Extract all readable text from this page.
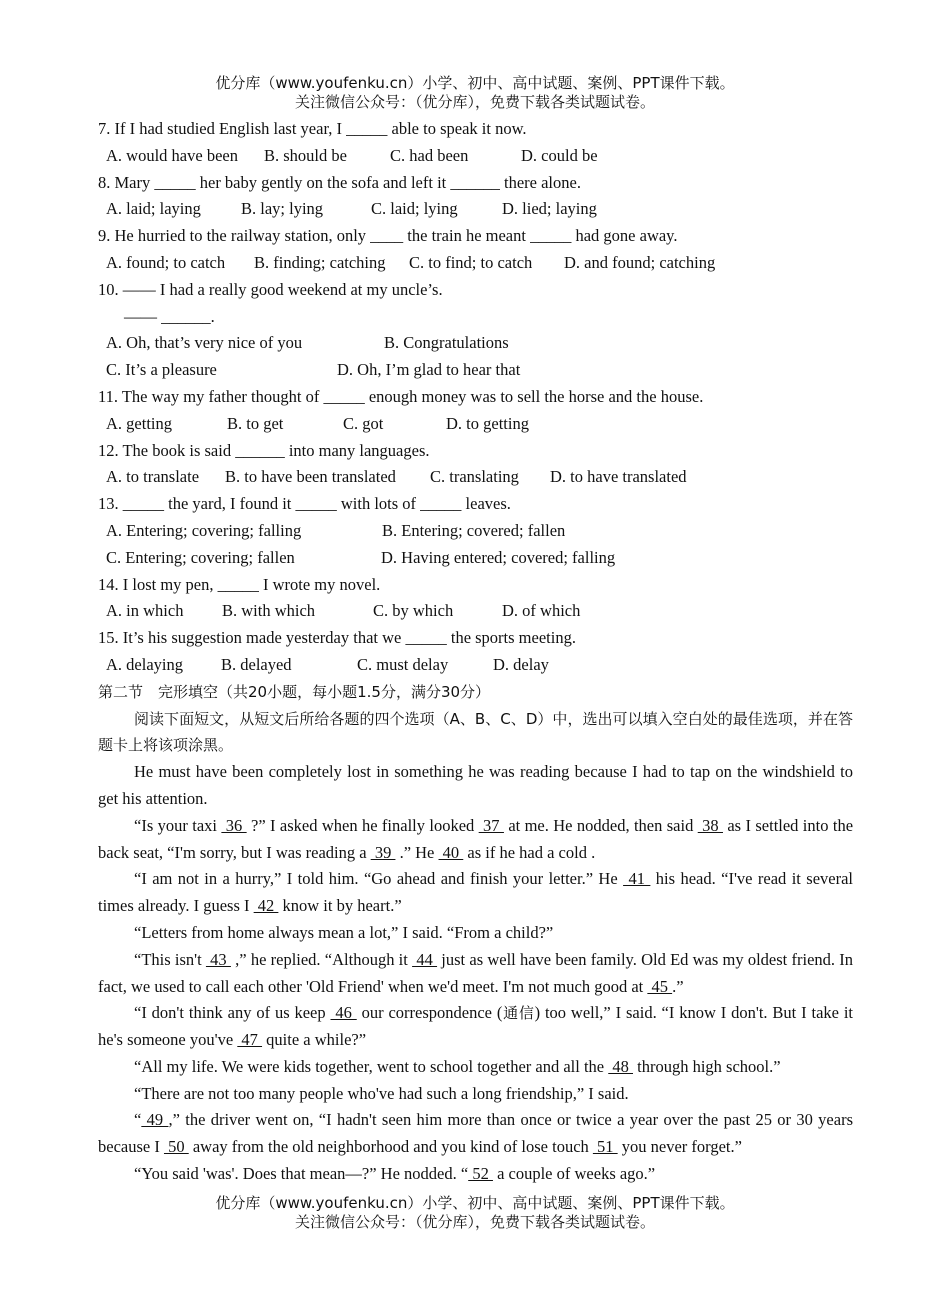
优分库（www.youfenku.cn）小学、初中、高中试题、案例、PPT课件下载。
关注微信公众号：（优分库），免费下载各类试题试卷。
7. If I had studied English last year, I _____ able to speak it now.
A. would have been B. should be	C. had been	D. could be
8. Mary _____ her baby gently on the sofa and left it ______ there alone.
A. laid; laying B. lay; lying	C. laid; lying	D. lied; laying
9. He hurried to the railway station, only ____ the train he meant _____ had gone away.
A. found; to catch B. finding; catching C. to find; to catch D. and found; catching
10. —— I had a really good weekend at my uncle’s.
—— ______.
A. Oh, that’s very nice of you	B. Congratulations
C. It’s a pleasure	D. Oh, I’m glad to hear that
11. The way my father thought of _____ enough money was to sell the horse and the house.
A. getting	B. to get	C. got	D. to getting
12. The book is said ______ into many languages.
A. to translate B. to have been translated C. translating D. to have translated
13. _____ the yard, I found it _____ with lots of _____ leaves.
A. Entering; covering; falling	B. Entering; covered; fallen
C. Entering; covering; fallen	D. Having entered; covered; falling
14. I lost my pen, _____ I wrote my novel.
A. in which B. with which	C. by which	D. of which
15. It’s his suggestion made yesterday that we _____ the sports meeting.
A. delaying B. delayed	C. must delay	D. delay
第二节　完形填空（共20小题，每小题1.5分，满分30分）
阅读下面短文，从短文后所给各题的四个选项（A、B、C、D）中，选出可以填入空白处的最佳选项，并在答题卡上将该项涂黑。
He must have been completely lost in something he was reading because I had to tap on the windshield to get his attention.
“Is your taxi  36  ?” I asked when he finally looked  37  at me. He nodded, then said  38  as I settled into the back seat, “I'm sorry, but I was reading a  39  .” He  40  as if he had a cold .
“I am not in a hurry,” I told him. “Go ahead and finish your letter.” He  41  his head. “I've read it several times already. I guess I  42  know it by heart.”
“Letters from home always mean a lot,” I said. “From a child?”
“This isn't  43  ,” he replied. “Although it  44  just as well have been family. Old Ed was my oldest friend. In fact, we used to call each other 'Old Friend' when we'd meet. I'm not much good at  45 .”
“I don't think any of us keep  46  our correspondence (通信) too well,” I said. “I know I don't. But I take it he's someone you've  47  quite a while?”
“All my life. We were kids together, went to school together and all the  48  through high school.”
“There are not too many people who've had such a long friendship,” I said.
“ 49 ,” the driver went on, “I hadn't seen him more than once or twice a year over the past 25 or 30 years because I  50  away from the old neighborhood and you kind of lose touch  51  you never forget.”
“You said 'was'. Does that mean—?” He nodded. “ 52  a couple of weeks ago.”
优分库（www.youfenku.cn）小学、初中、高中试题、案例、PPT课件下载。
关注微信公众号：（优分库），免费下载各类试题试卷。
